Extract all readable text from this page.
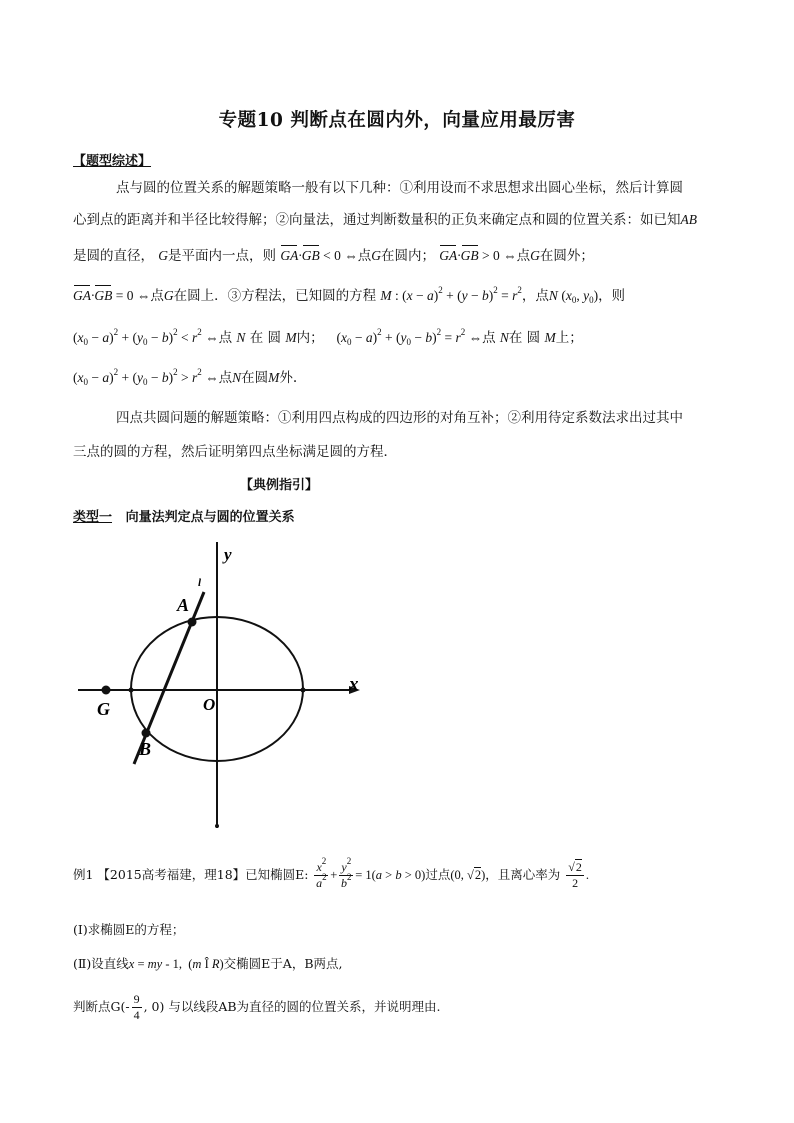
专题10 判断点在圆内外，向量应用最厉害
【题型综述】
点与圆的位置关系的解题策略一般有以下几种：①利用设而不求思想求出圆心坐标，然后计算圆
心到点的距离并和半径比较得解；②向量法，通过判断数量积的正负来确定点和圆的位置关系：如已知AB
是圆的直径， G是平面内一点，则 GA·GB < 0 ⇔点G在圆内； GA·GB > 0 ⇔点G在圆外；
GA·GB = 0 ⇔点G在圆上．③方程法，已知圆的方程 M : $(x - a)^2 + (y - b)^2 = r^2$，点N ($x_0$, $y_0$)，则
$(x_0 - a)^2 + (y_0 - b)^2 < r^2$ ⇔点 N 在 圆 M内； $(x_0 - a)^2 + (y_0 - b)^2 = r^2$ ⇔点 N在 圆 M上；
$(x_0 - a)^2 + (y_0 - b)^2 > r^2$ ⇔点N在圆M外.
四点共圆问题的解题策略：①利用四点构成的四边形的对角互补；②利用待定系数法求出过其中
三点的圆的方程，然后证明第四点坐标满足圆的方程．
【典例指引】
类型一 向量法判定点与圆的位置关系
y
x
l
A
B
G	O
例1 【2015高考福建，理18】已知椭圆E: $\frac{x^2}{a^2} + \frac{y^2}{b^2} = 1(a > b > 0)$过点(0, √2)，且离心率为 $\frac{√2}{2}$ .
(Ⅰ)求椭圆E的方程；
(Ⅱ)设直线x = my - 1,  (m Î R)交椭圆E于A，B两点,
判断点$G(- \frac{9}{4}$ , 0) 与以线段AB为直径的圆的位置关系，并说明理由.
